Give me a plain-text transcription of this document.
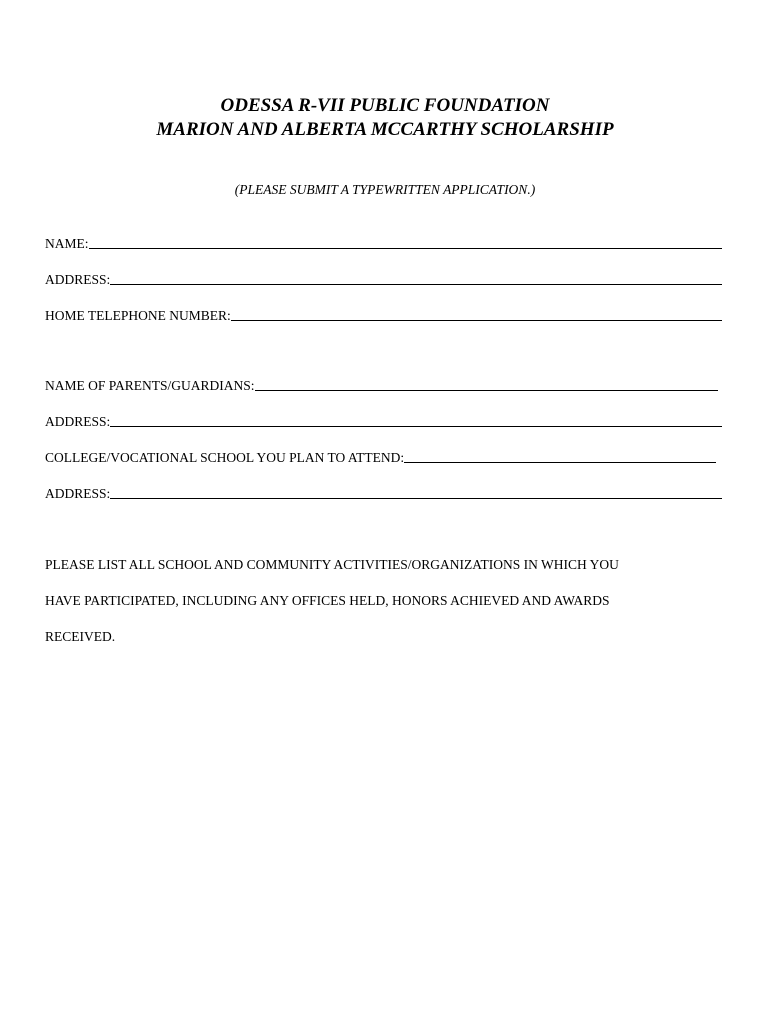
ODESSA R-VII PUBLIC FOUNDATION
MARION AND ALBERTA MCCARTHY SCHOLARSHIP
(PLEASE SUBMIT A TYPEWRITTEN APPLICATION.)
NAME:
ADDRESS:
HOME TELEPHONE NUMBER:
NAME OF PARENTS/GUARDIANS:
ADDRESS:
COLLEGE/VOCATIONAL SCHOOL YOU PLAN TO ATTEND:
ADDRESS:
PLEASE LIST ALL SCHOOL AND COMMUNITY ACTIVITIES/ORGANIZATIONS IN WHICH YOU
HAVE PARTICIPATED, INCLUDING ANY OFFICES HELD, HONORS ACHIEVED AND AWARDS
RECEIVED.
